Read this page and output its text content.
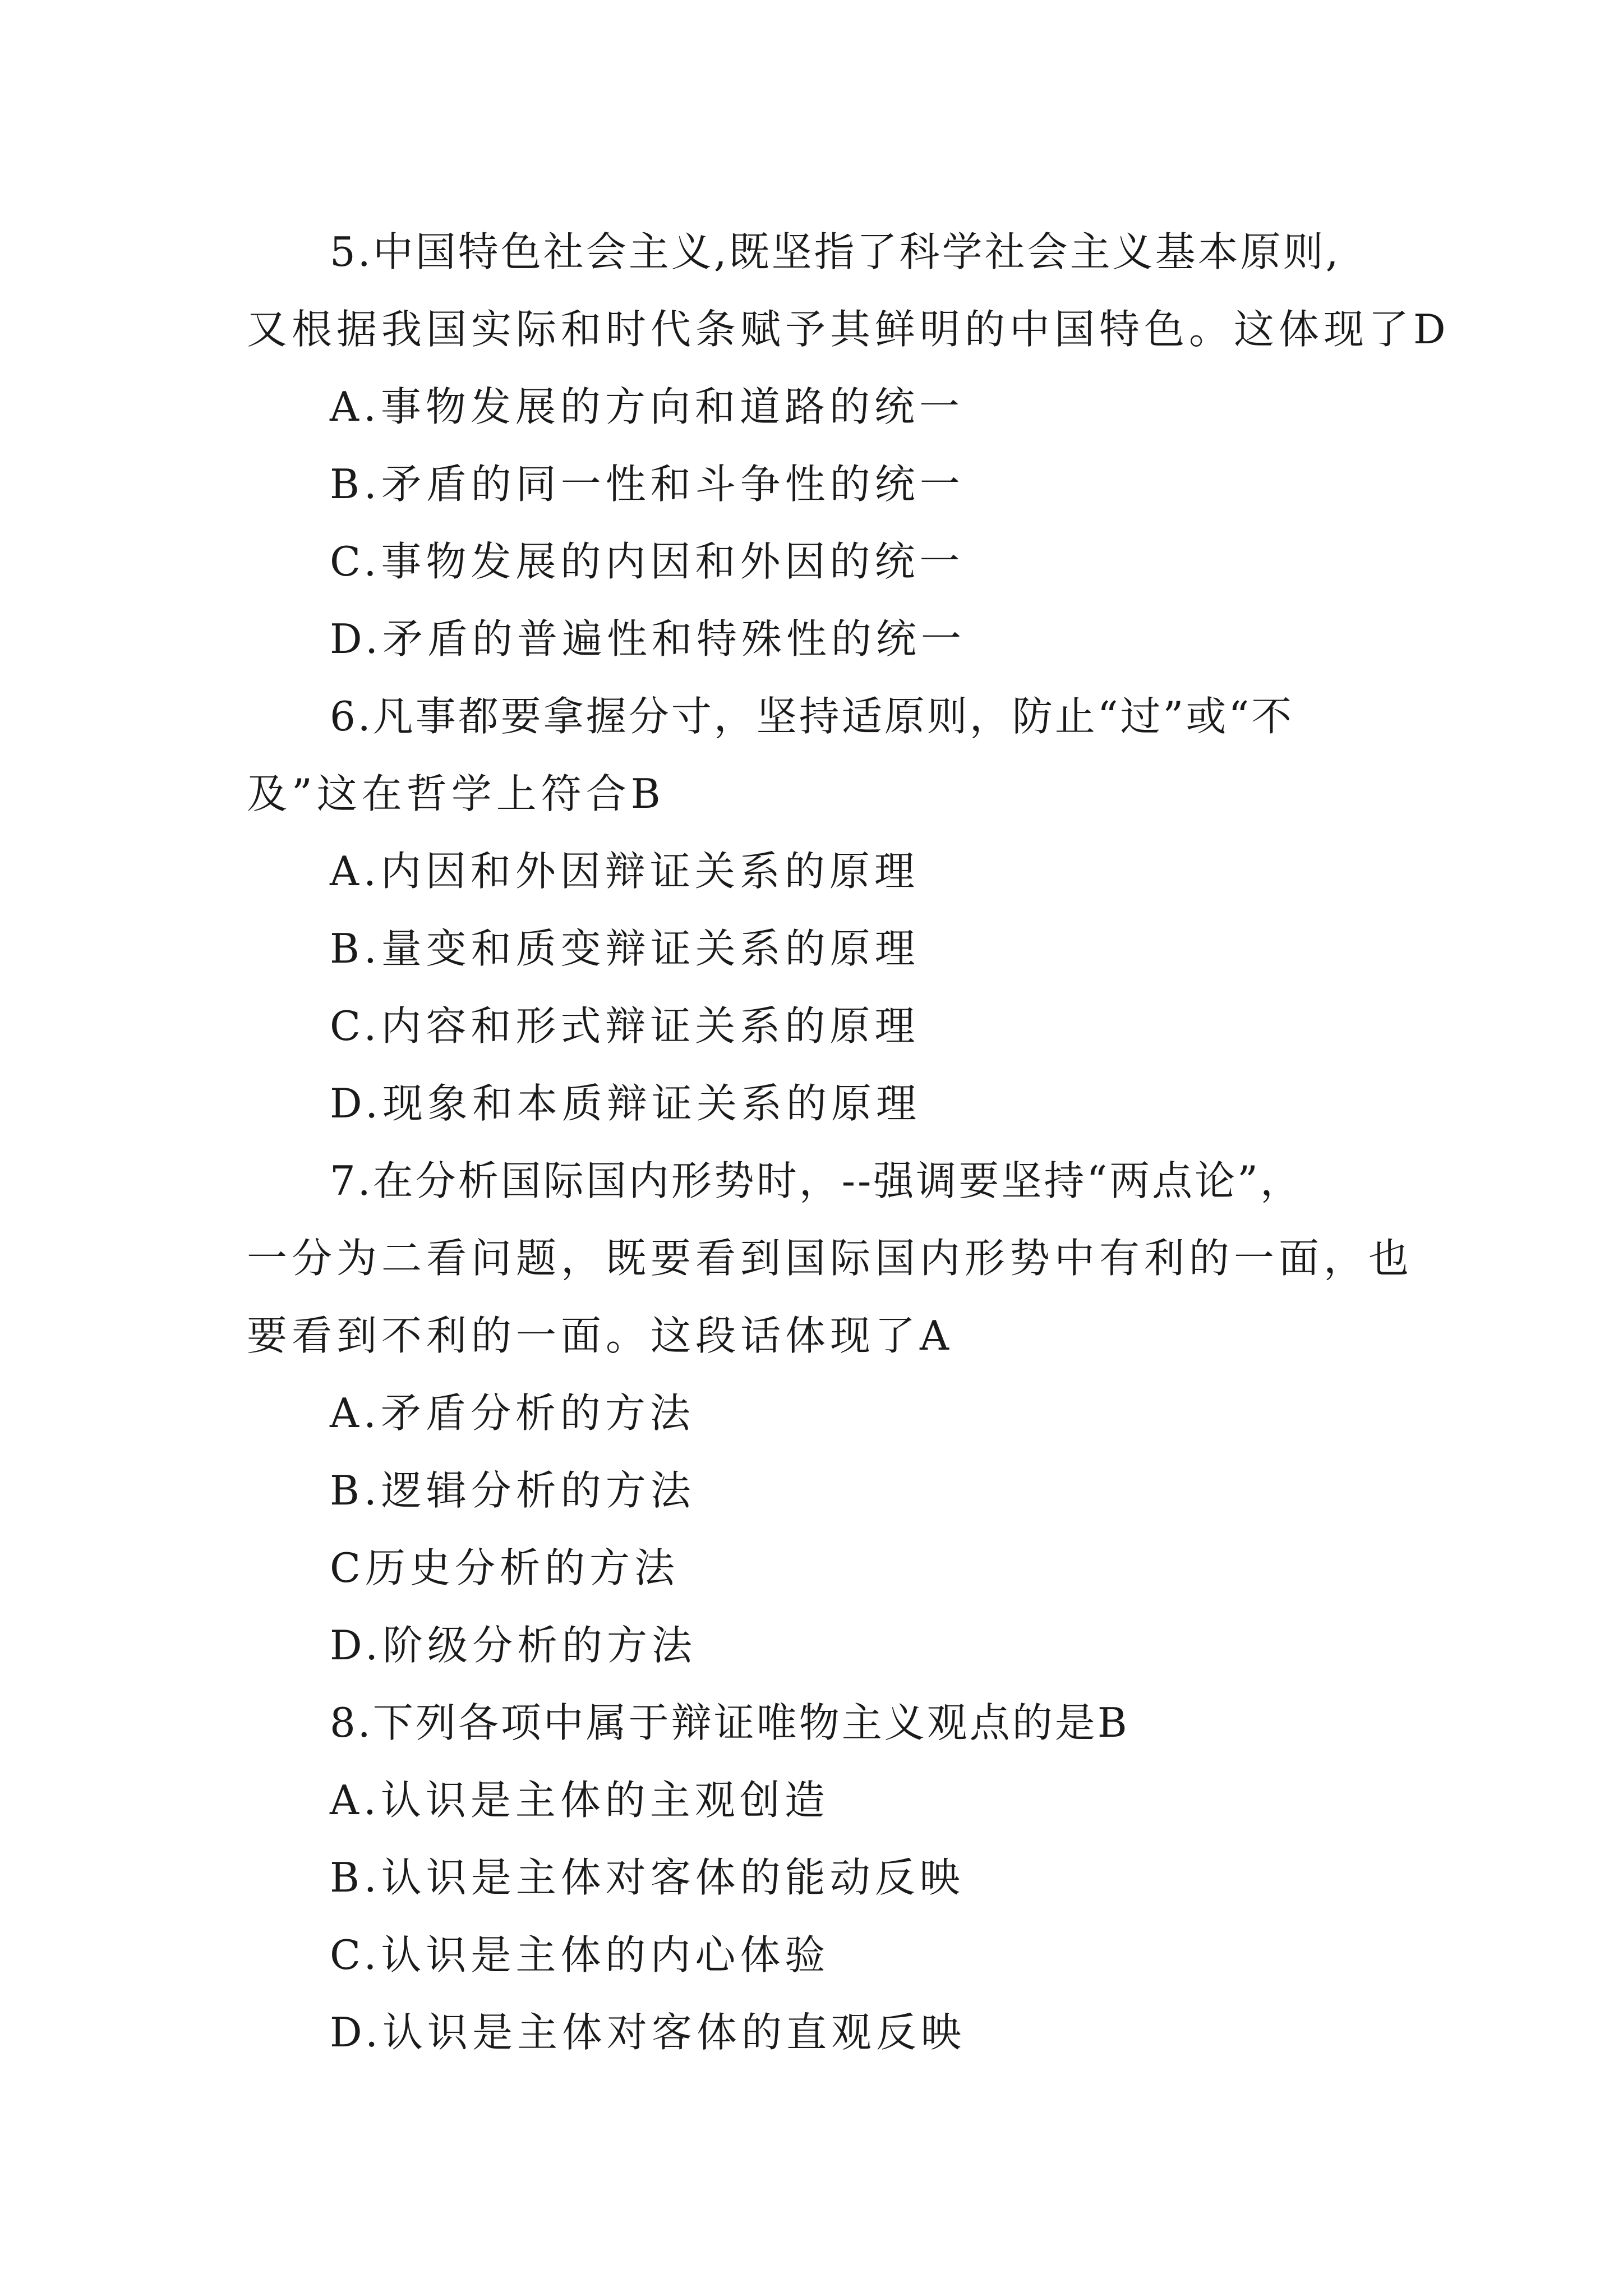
5.中国特色社会主义,既坚指了科学社会主义基本原则,
又根据我国实际和时代条赋予其鲜明的中国特色。这体现了D
A.事物发展的方向和道路的统一
B.矛盾的同一性和斗争性的统一
C.事物发展的内因和外因的统一
D.矛盾的普遍性和特殊性的统一
6.凡事都要拿握分寸，坚持适原则，防止“过”或“不
及”这在哲学上符合B
A.内因和外因辩证关系的原理
B.量变和质变辩证关系的原理
C.内容和形式辩证关系的原理
D.现象和本质辩证关系的原理
7.在分析国际国内形势时，--强调要坚持“两点论”，
一分为二看问题，既要看到国际国内形势中有利的一面，也
要看到不利的一面。这段话体现了A
A.矛盾分析的方法
B.逻辑分析的方法
C历史分析的方法
D.阶级分析的方法
8.下列各项中属于辩证唯物主义观点的是B
A.认识是主体的主观创造
B.认识是主体对客体的能动反映
C.认识是主体的内心体验
D.认识是主体对客体的直观反映
